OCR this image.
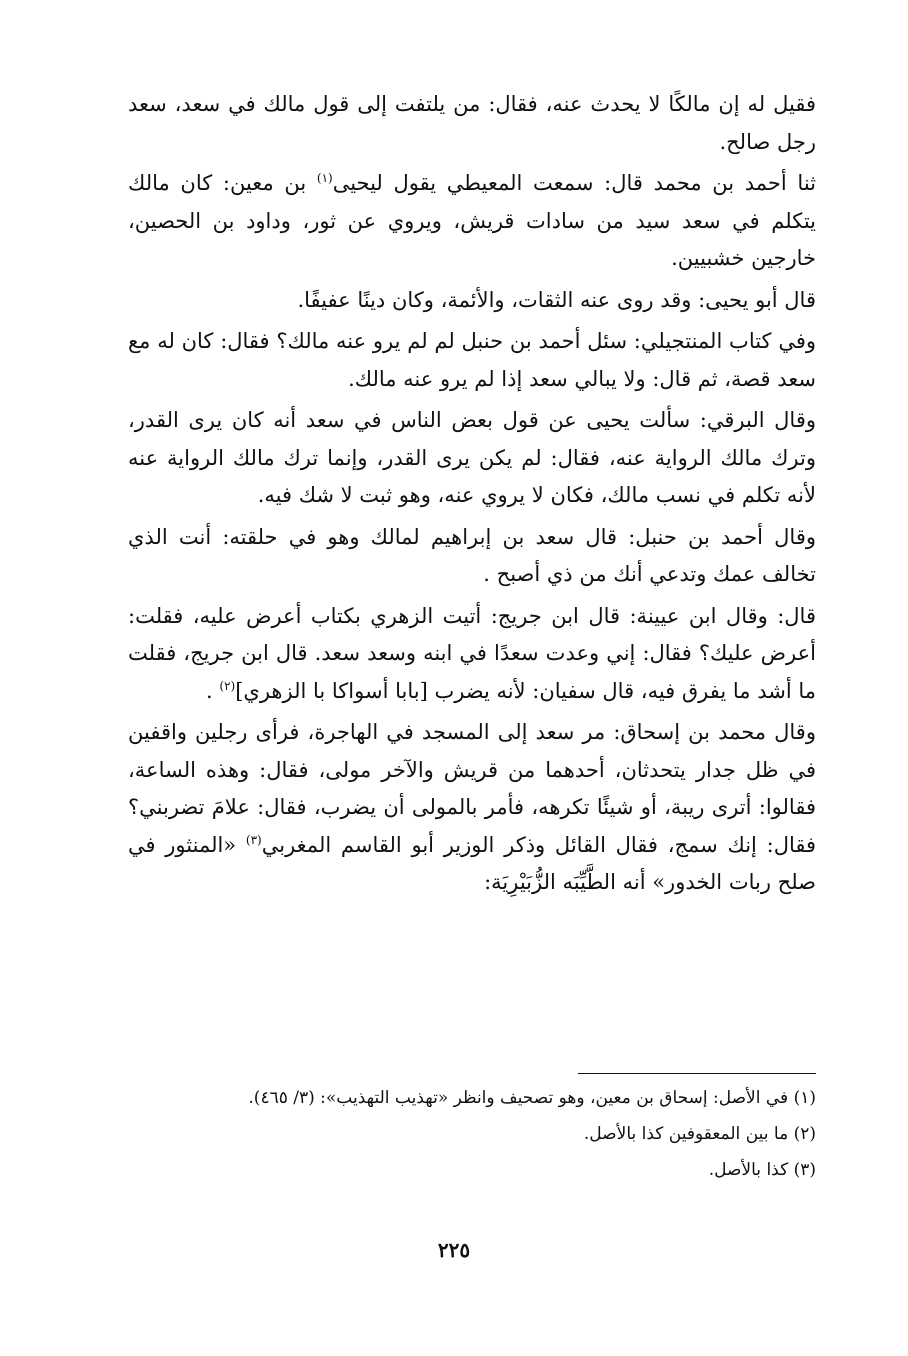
فقيل له إن مالكًا لا يحدث عنه، فقال: من يلتفت إلى قول مالك في سعد، سعد رجل صالح.

ثنا أحمد بن محمد قال: سمعت المعيطي يقول ليحيى$^{(١)}$ بن معين: كان مالك يتكلم في سعد سيد من سادات قريش، ويروي عن ثور، وداود بن الحصين، خارجين خشبيين.

قال أبو يحيى: وقد روى عنه الثقات، والأئمة، وكان دينًا عفيفًا.

وفي كتاب المنتجيلي: سئل أحمد بن حنبل لم لم يرو عنه مالك؟ فقال: كان له مع سعد قصة، ثم قال: ولا يبالي سعد إذا لم يرو عنه مالك.

وقال البرقي: سألت يحيى عن قول بعض الناس في سعد أنه كان يرى القدر، وترك مالك الرواية عنه، فقال: لم يكن يرى القدر، وإنما ترك مالك الرواية عنه لأنه تكلم في نسب مالك، فكان لا يروي عنه، وهو ثبت لا شك فيه.

وقال أحمد بن حنبل: قال سعد بن إبراهيم لمالك وهو في حلقته: أنت الذي تخالف عمك وتدعي أنك من ذي أصبح .

قال: وقال ابن عيينة: قال ابن جريج: أتيت الزهري بكتاب أعرض عليه، فقلت: أعرض عليك؟ فقال: إني وعدت سعدًا في ابنه وسعد سعد. قال ابن جريج، فقلت ما أشد ما يفرق فيه، قال سفيان: لأنه يضرب [بابا أسواكا با الزهري]$^{(٢)}$ .

وقال محمد بن إسحاق: مر سعد إلى المسجد في الهاجرة، فرأى رجلين واقفين في ظل جدار يتحدثان، أحدهما من قريش والآخر مولى، فقال: وهذه الساعة، فقالوا: أترى ريبة، أو شيئًا تكرهه، فأمر بالمولى أن يضرب، فقال: علامَ تضربني؟ فقال: إنك سمج، فقال القائل وذكر الوزير أبو القاسم المغربي$^{(٣)}$ «المنثور في صلح ربات الخدور» أنه الطَّيِّبَه الزُّبَيْرِيَة:

(١) في الأصل: إسحاق بن معين، وهو تصحيف وانظر «تهذيب التهذيب»: (٣/ ٤٦٥).

(٢) ما بين المعقوفين كذا بالأصل.

(٣) كذا بالأصل.

٢٢٥
